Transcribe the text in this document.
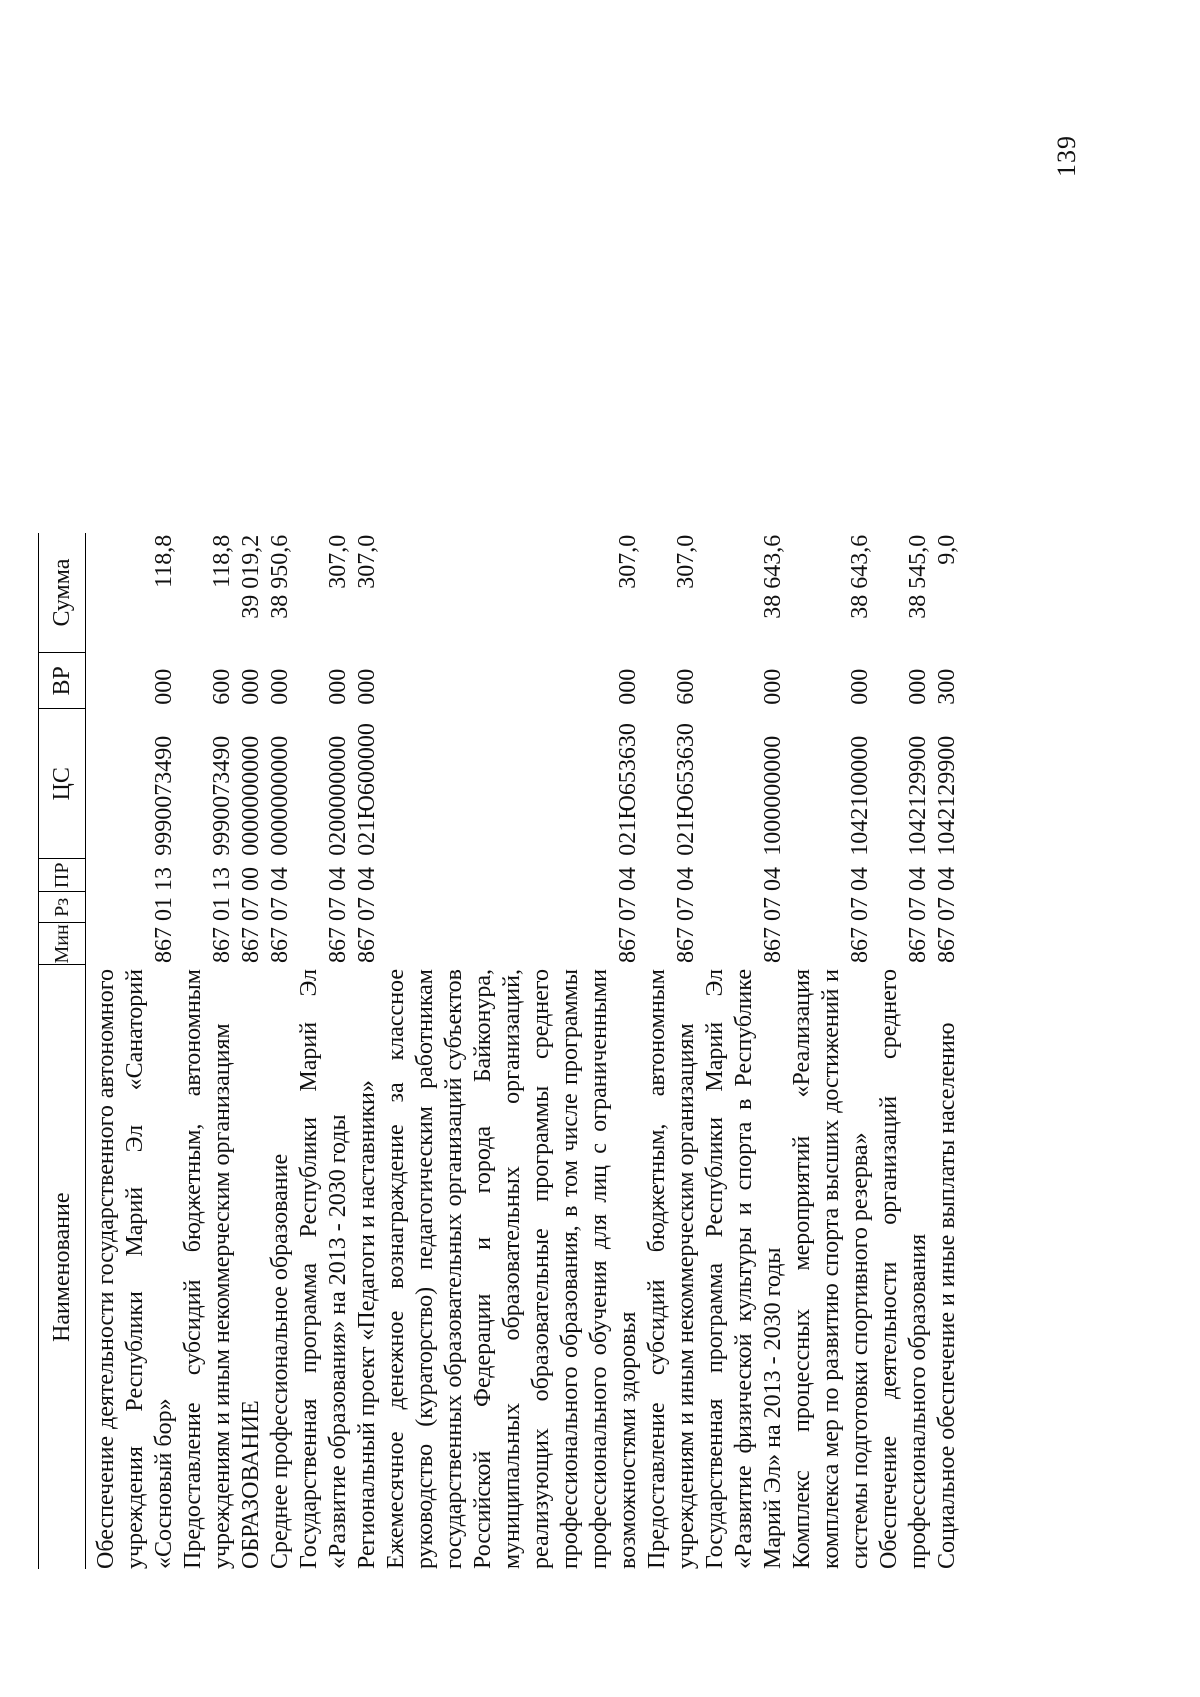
139
Наименование	Мин	Рз	ПР	ЦС	ВР	Сумма
Обеспечение деятельности государственного автономного учреждения Республики Марий Эл «Санаторий «Сосновый бор»	867 01 13			9990073490	000	118,8
Предоставление субсидий бюджетным, автономным учреждениям и иным некоммерческим организациям	867 01 13			9990073490	600	118,8
ОБРАЗОВАНИЕ	867 07 00			0000000000	000	39 019,2
Среднее профессиональное образование	867 07 04			0000000000	000	38 950,6
Государственная программа Республики Марий Эл «Развитие образования» на 2013 - 2030 годы	867 07 04			0200000000	000	307,0
Региональный проект «Педагоги и наставники»	867 07 04			021Ю600000	000	307,0
Ежемесячное денежное вознаграждение за классное руководство (кураторство) педагогическим работникам государственных образовательных организаций субъектов Российской Федерации и города Байконура, муниципальных образовательных организаций, реализующих образовательные программы среднего профессионального образования, в том числе программы профессионального обучения для лиц с ограниченными возможностями здоровья	867 07 04			021Ю653630	000	307,0
Предоставление субсидий бюджетным, автономным учреждениям и иным некоммерческим организациям	867 07 04			021Ю653630	600	307,0
Государственная программа Республики Марий Эл «Развитие физической культуры и спорта в Республике Марий Эл» на 2013 - 2030 годы	867 07 04			1000000000	000	38 643,6
Комплекс процессных мероприятий «Реализация комплекса мер по развитию спорта высших достижений и системы подготовки спортивного резерва»	867 07 04			1042100000	000	38 643,6
Обеспечение деятельности организаций среднего профессионального образования	867 07 04			1042129900	000	38 545,0
Социальное обеспечение и иные выплаты населению	867 07 04			1042129900	300	9,0
